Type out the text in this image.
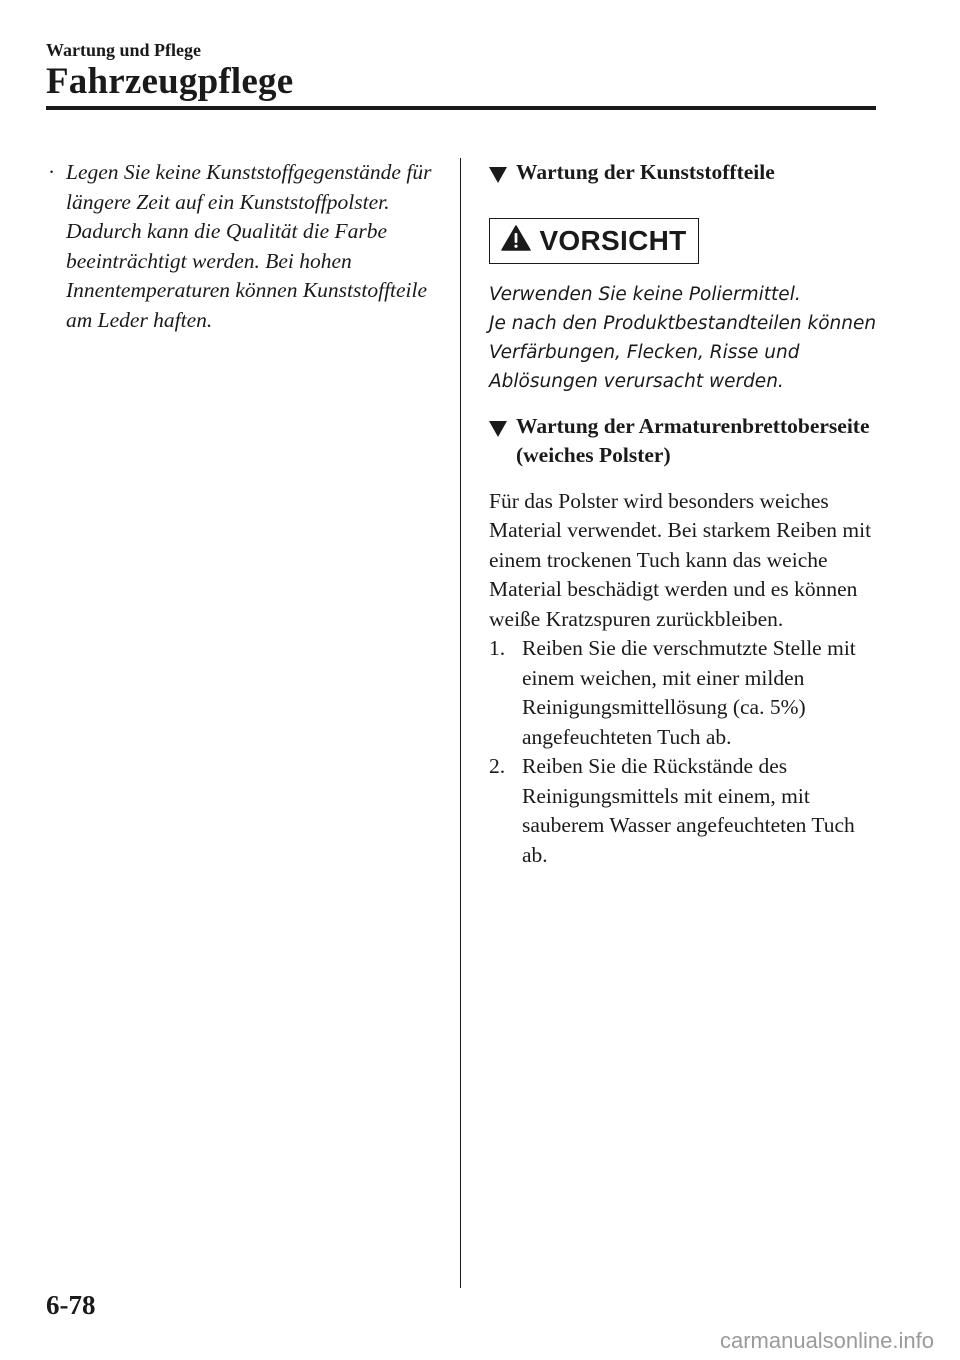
Wartung und Pflege
Fahrzeugpflege
· Legen Sie keine Kunststoffgegenstände für längere Zeit auf ein Kunststoffpolster. Dadurch kann die Qualität die Farbe beeinträchtigt werden. Bei hohen Innentemperaturen können Kunststoffteile am Leder haften.
Wartung der Kunststoffteile
VORSICHT

Verwenden Sie keine Poliermittel.

Je nach den Produktbestandteilen können Verfärbungen, Flecken, Risse und Ablösungen verursacht werden.

Wartung der Armaturenbrettoberseite (weiches Polster)
Für das Polster wird besonders weiches Material verwendet. Bei starkem Reiben mit einem trockenen Tuch kann das weiche Material beschädigt werden und es können weiße Kratzspuren zurückbleiben.
1. Reiben Sie die verschmutzte Stelle mit einem weichen, mit einer milden Reinigungsmittellösung (ca. 5%) angefeuchteten Tuch ab.
2. Reiben Sie die Rückstände des Reinigungsmittels mit einem, mit sauberem Wasser angefeuchteten Tuch ab.
6-78
carmanualsonline.info
